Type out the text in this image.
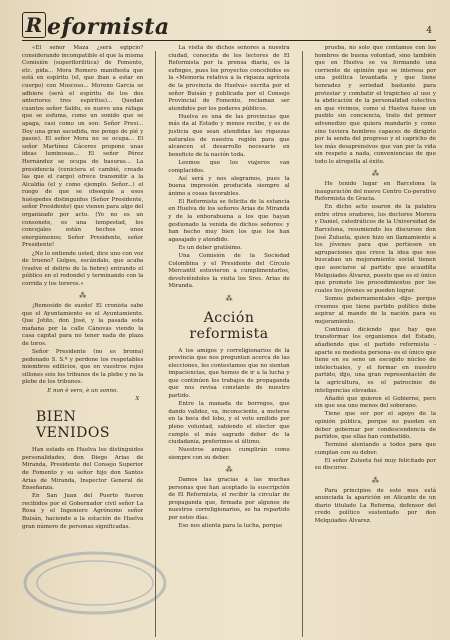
R eformista	4

«El señor Maza ¿será egipcio? considerando incompatible el que la misma Comisión (superflorilitica) de Fomento, etc. pida... Mora Romero manifiesta que está en espíritu (el, que iban a estar en cuerpo) con Moscoso... Moreno Garcia se adhiere (será el espíritu de los dos anteriores tres espíritus)... Quedan cuantos señor Saldu, es nuevo una ráfaga que se esfuma, como un sonido que se apaga, casi como un son: Señor Presi... Doy una gran sacudida, me pongo de pié y pasos). El señor Mora no se ocupa... El señor Martínez Cáceres propone unas ideas luminosas... El señor Pérez Hernández se ocupa de basuras... La presidencia (ceniciera el cambió, creado las que el cargo) ofrece transmitir a la Alcaldía (el y como ejemplo. Señor...) el ruego de que se obsequie a esos huéspedes distinguidos (Señor Presidente, señor Presidente) que vienen para algo del organizado por acto. (Yo no es un consonete, es una tempestad, los concejales están hechos unos energúmenos; Señor Presidente, señor Presidente!

¿No lo entiende usted, dice uno con voz de trueno? Golpes, escándalo, que acaba (vuelve el delirio de la fiebre) entrando el público en el redondel y terminando con la corrida y los toreros.»

⁂

¡Remosido de sueño! El cronista sabe que el Ayuntamiento es el Ayuntamiento. Que Jotito, don José, y la pasada esta mañana por la calle Cánovas viendo la casa capital para no tener nada de plaza de toros.

Señor Presidente (no es broma) pedonado S. S.ª y perdone los respetables miembros edilicios, que en vuestros rojos sillones sois los tribunos de la plebe y no la plebe de los tribunos.

E non è vero, è un sonno.

X
BIEN VENIDOS

Han estado en Huelva los distinguidos personalidades, don Diego Arias de Miranda, Presidente del Consejo Superior de Fomento y su señor hijo don Santos Arias de Miranda, Inspector General de Enseñanza.

En San Juan del Puerto fueron recibidos por el Gobernador civil señor La Rosa y el Ingeniero Agrónomo señor Buisán, haciendo a la estación de Huelva gran número de personas significadas.

La visita de dichos señores a nuestra ciudad, conocida de los lectores de El Reformista por la prensa diaria, es la esfinges, pues los proyectos concebidos es la «Memoria relativa a la riqueza agrícola de la provincia de Huelva» escrita por el señor Buisán y publicada por el Consejo Provincial de Fomento, reclaman ser atendidos por los poderes públicos.

Huelva es una de las provincias que más da al Estado y menos recibe, y es de justicia que sean atendidas las riquezas naturales de nuestra región para que alcancen el desarrollo necesario en beneficio de la nación toda.

Leemos que los viajeros van complacidos.

Así será y nos alegramos, pues la buena impresión producida siempre al ánimo a cosas favorables.

El Reformista se felicita de la estancia en Huelva de los señores Arias de Miranda y de la enhorabuena a los que hayan gestionado la venida de dichos señores: y han hecho muy bien los que los han agasajado y atendido.

Es un deber gratísimo.

Una Comisión de la Sociedad Colombina y el Presidente del Círculo Mercantil estuvieron a cumplimentarlos, devolviéndoles la visita los Sres. Arias de Miranda.

⁂
Acción reformista

A los amigos y correligionarios de la provincia que nos preguntan acerca de las elecciones, les contestamos que no sientan impaciencias, que hemos de ir a la lucha y que continúen los trabajos de propaganda que nos revisa constante de nuestro partido.

Entre la manada de borregos, que dando validez, va, inconsciente, a meterse en la boca del lobo, y el voto emitido por pleno voluntad, sabiendo el elector que cumple el más sagrado deber de la ciudadanía, preferimos el último.

Nuestros amigos cumplirán como siempre con su deber.

⁂

Damos las gracias a las muchas personas que han aceptado la suscripción de El Reformista, el recibir la circular de propaganda que, firmada por algunos de nuestros correligionarios, se ha repartido por estos días.

Eso nos alienta para la lucha, porque

prueba, no solo que contamos con los hombres de buena voluntad, sino también que en Huelva se va formando una corriente de opinión que se interesa por una política levantada y que tiene honradez y seriedad bastante para protestar y combatir el trapicheo al uso y la abdicación de la personalidad colectiva en que vivimos, como si Huelva fuese un pueblo sin conciencia, trato del primer advenedizo que quiera mandarlo y como sino tuviera hombres capaces de dirigirlo por la senda del progreso y el capricho de los más desaprensivos que van por la vida sin respeto a nada, conveniencias de que todo lo atropella al éxito.

⁂

He tenido lugar en Barcelona la inauguración del nuevo Centro Co-perativo Reformista de Gracia.

En dicho acto usaron de la palabra entre otros oradores, los doctores Morera y Daniel, catedráticos de la Universidad de Barcelona, resumiendo los discursos don José Zulueta, quien hizo un llamamiento a los jóvenes para que pertiesen en agrupaciones que crece la idea que nos buscaban un mejoramiento social tienen que asociarse al partido que acaudilla Melquiades Álvarez, puesto que es el único que promete los procedimientos por los cuales los jóvenes se pueden lograr.

Somos gubernamentales -dijo- porque creemos que tiene partido político debe aspirar al mando de la nación para su mejoramiento.

Continuó diciendo que hay que transformar los organismos del Estado, añadiendo que el partido reformista -aparte su modesta persona- es el único que tiene en su seno un escogido núcleo de intelectuales, y el formar en nuestro partido, dijo, una gran representación de la agricultura, es el patrocinio de inteligencias elevadas.

Añadió que quieren el Gobierno, pero sin que sea uno menos del soberano.

Tiene que ser por el apoyo de la opinión pública, porque no pueden en deber gobernar por condescendencia de partidos, que ellas han combatido.

Terminó alentando a todos para que cumplan con su deber.

El señor Zulueta fué muy felicitado por su discurso.

⁂

Para principios de este mes está anunciada la aparición en Alicante de un diario titulado La Reforma, defensor del credo político sustentado por don Melquiades Álvarez.
